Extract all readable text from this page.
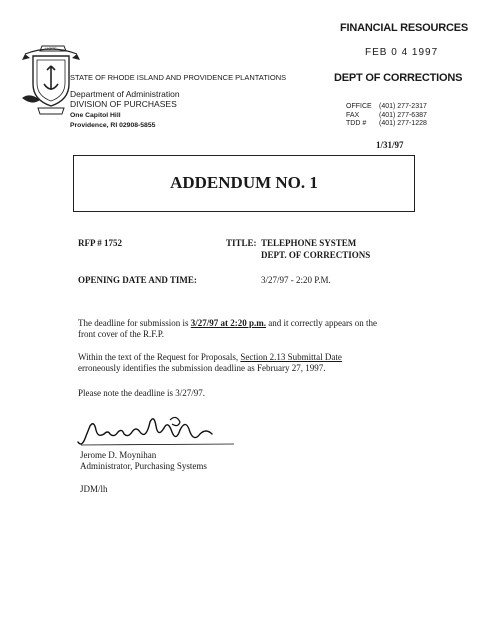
FINANCIAL RESOURCES
FEB 0 4 1997
DEPT OF CORRECTIONS
HOPE
STATE OF RHODE ISLAND AND PROVIDENCE PLANTATIONS
Department of Administration
DIVISION OF PURCHASES
One Capitol Hill
Providence, RI 02908-5855
OFFICE (401) 277-2317
FAX	(401) 277-6387
TDD # (401) 277-1228
1/31/97
ADDENDUM NO. 1
RFP # 1752	TITLE: TELEPHONE SYSTEM
DEPT. OF CORRECTIONS
OPENING DATE AND TIME:	3/27/97 - 2:20 P.M.
The deadline for submission is 3/27/97 at 2:20 p.m. and it correctly appears on the
front cover of the R.F.P.
Within the text of the Request for Proposals, Section 2.13 Submittal Date
erroneously identifies the submission deadline as February 27, 1997.
Please note the deadline is 3/27/97.
Jerome D Moynihan
Jerome D. Moynihan
Administrator, Purchasing Systems
JDM/lh
